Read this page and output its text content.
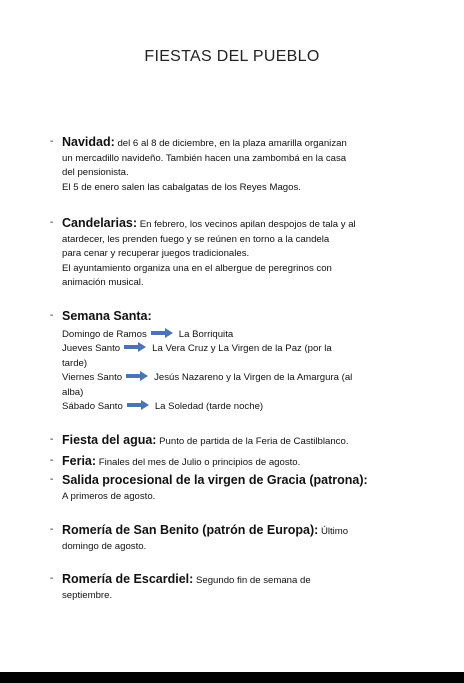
FIESTAS DEL PUEBLO
- Navidad: del 6 al 8 de diciembre, en la plaza amarilla organizan
un mercadillo navideño. También hacen una zambombá en la casa
del pensionista.
El 5 de enero salen las cabalgatas de los Reyes Magos.
- Candelarias: En febrero, los vecinos apilan despojos de tala y al
atardecer, les prenden fuego y se reúnen en torno a la candela
para cenar y recuperar juegos tradicionales.
El ayuntamiento organiza una en el albergue de peregrinos con
animación musical.
- Semana Santa:
Domingo de Ramos	La Borriquita
Jueves Santo	La Vera Cruz y La Virgen de la Paz (por la
tarde)
Viernes Santo	Jesús Nazareno y la Virgen de la Amargura (al
alba)
Sábado Santo	La Soledad (tarde noche)
- Fiesta del agua: Punto de partida de la Feria de Castilblanco.
- Feria: Finales del mes de Julio o principios de agosto.
- Salida procesional de la virgen de Gracia (patrona):
A primeros de agosto.
- Romería de San Benito (patrón de Europa): Último
domingo de agosto.
- Romería de Escardiel: Segundo fin de semana de
septiembre.
